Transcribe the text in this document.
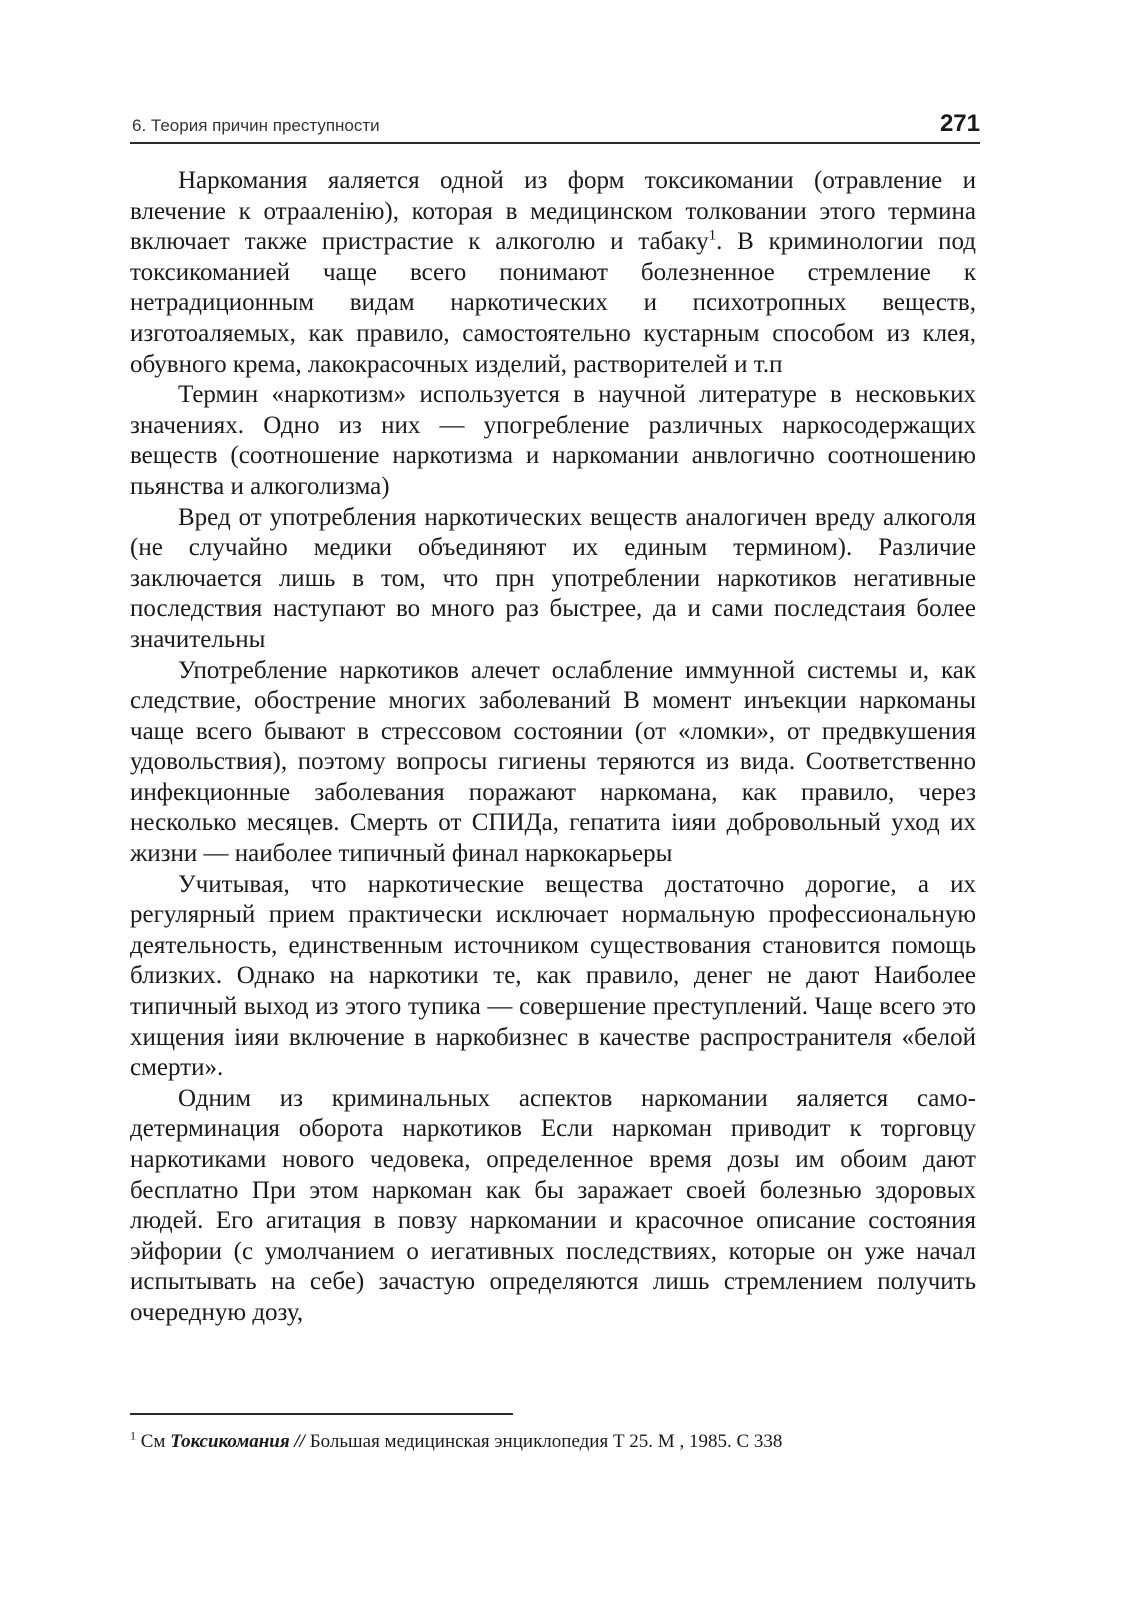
6. Теория причин преступности	271

Наркомания яаляется одной из форм токсикомании (отравление и влечение к отрааленію), которая в медицинском толковании этого термина включает также пристрастие к алкоголю и табаку$^1$. В криминологии под токсикоманией чаще всего понимают болезненное стремление к нетрадиционным видам наркотических и психотропных веществ, изготоаляемых, как правило, самостоятельно кустарным способом из клея, обувного крема, лакокрасочных изделий, растворителей и т.п

Термин «наркотизм» используется в научной литературе в несковьких значениях. Одно из них — упогребление различных наркосодержащих веществ (соотношение наркотизма и наркомании анвлогично соотношению пьянства и алкоголизма)

Вред от употребления наркотических веществ аналогичен вреду алкоголя (не случайно медики объединяют их единым термином). Различие заключается лишь в том, что прн употреблении наркотиков негативные последствия наступают во много раз быстрее, да и сами последстаия более значительны

Употребление наркотиков алечет ослабление иммунной системы и, как следствие, обострение многих заболеваний В момент инъекции наркоманы чаще всего бывают в стрессовом состоянии (от «ломки», от предвкушения удовольствия), поэтому вопросы гигиены теряются из вида. Соответственно инфекционные заболевания поражают наркомана, как правило, через несколько месяцев. Смерть от СПИДа, гепатита іияи добровольный уход их жизни — наиболее типичный финал наркокарьеры

Учитывая, что наркотические вещества достаточно дорогие, а их регулярный прием практически исключает нормальную профессиональную деятельность, единственным источником существования становится помощь близких. Однако на наркотики те, как правило, денег не дают Наиболее типичный выход из этого тупика — совершение преступлений. Чаще всего это хищения іияи включение в наркобизнес в качестве распространителя «белой смерти».

Одним из криминальных аспектов наркомании яаляется самодетерминация оборота наркотиков Если наркоман приводит к торговцу наркотиками нового чедовека, определенное время дозы им обоим дают бесплатно При этом наркоман как бы заражает своей болезнью здоровых людей. Его агитация в повзу наркомании и красочное описание состояния эйфории (с умолчанием о иегативных последствиях, которые он уже начал испытывать на себе) зачастую определяются лишь стремлением получить очередную дозу,

$^1$ См Токсикомания // Большая медицинская энциклопедия Т 25. М , 1985. С 338
